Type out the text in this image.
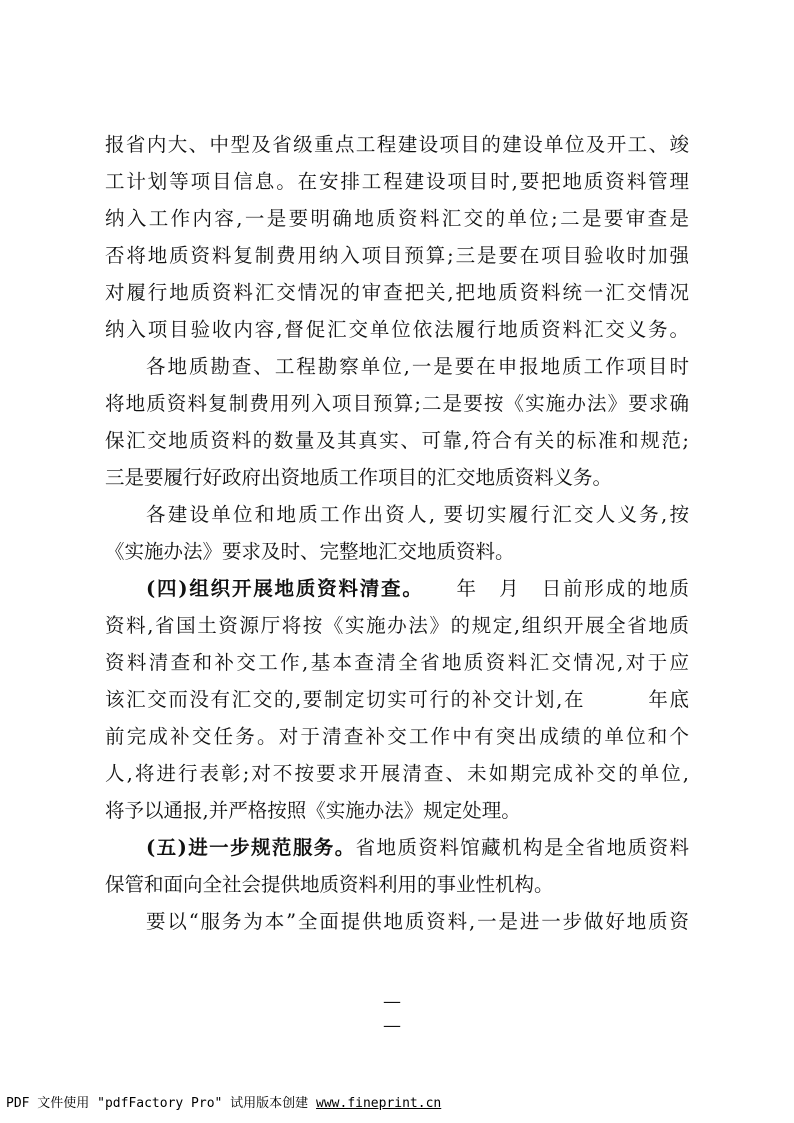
报省内大、中型及省级重点工程建设项目的建设单位及开工、竣
工计划等项目信息。在安排工程建设项目时,要把地质资料管理
纳入工作内容,一是要明确地质资料汇交的单位;二是要审查是
否将地质资料复制费用纳入项目预算;三是要在项目验收时加强
对履行地质资料汇交情况的审查把关,把地质资料统一汇交情况
纳入项目验收内容,督促汇交单位依法履行地质资料汇交义务。
各地质勘查、工程勘察单位,一是要在申报地质工作项目时
将地质资料复制费用列入项目预算;二是要按《实施办法》要求确
保汇交地质资料的数量及其真实、可靠,符合有关的标准和规范;
三是要履行好政府出资地质工作项目的汇交地质资料义务。
各建设单位和地质工作出资人, 要切实履行汇交人义务,按
《实施办法》要求及时、完整地汇交地质资料。
(四)组织开展地质资料清查。　　年　月　日前形成的地质
资料,省国土资源厅将按《实施办法》的规定,组织开展全省地质
资料清查和补交工作,基本查清全省地质资料汇交情况,对于应
该汇交而没有汇交的,要制定切实可行的补交计划,在　　　年底
前完成补交任务。对于清查补交工作中有突出成绩的单位和个
人,将进行表彰;对不按要求开展清查、未如期完成补交的单位,
将予以通报,并严格按照《实施办法》规定处理。
(五)进一步规范服务。省地质资料馆藏机构是全省地质资料
保管和面向全社会提供地质资料利用的事业性机构。
要以“服务为本”全面提供地质资料,一是进一步做好地质资
—　—
PDF 文件使用 "pdfFactory Pro" 试用版本创建 www.fineprint.cn
